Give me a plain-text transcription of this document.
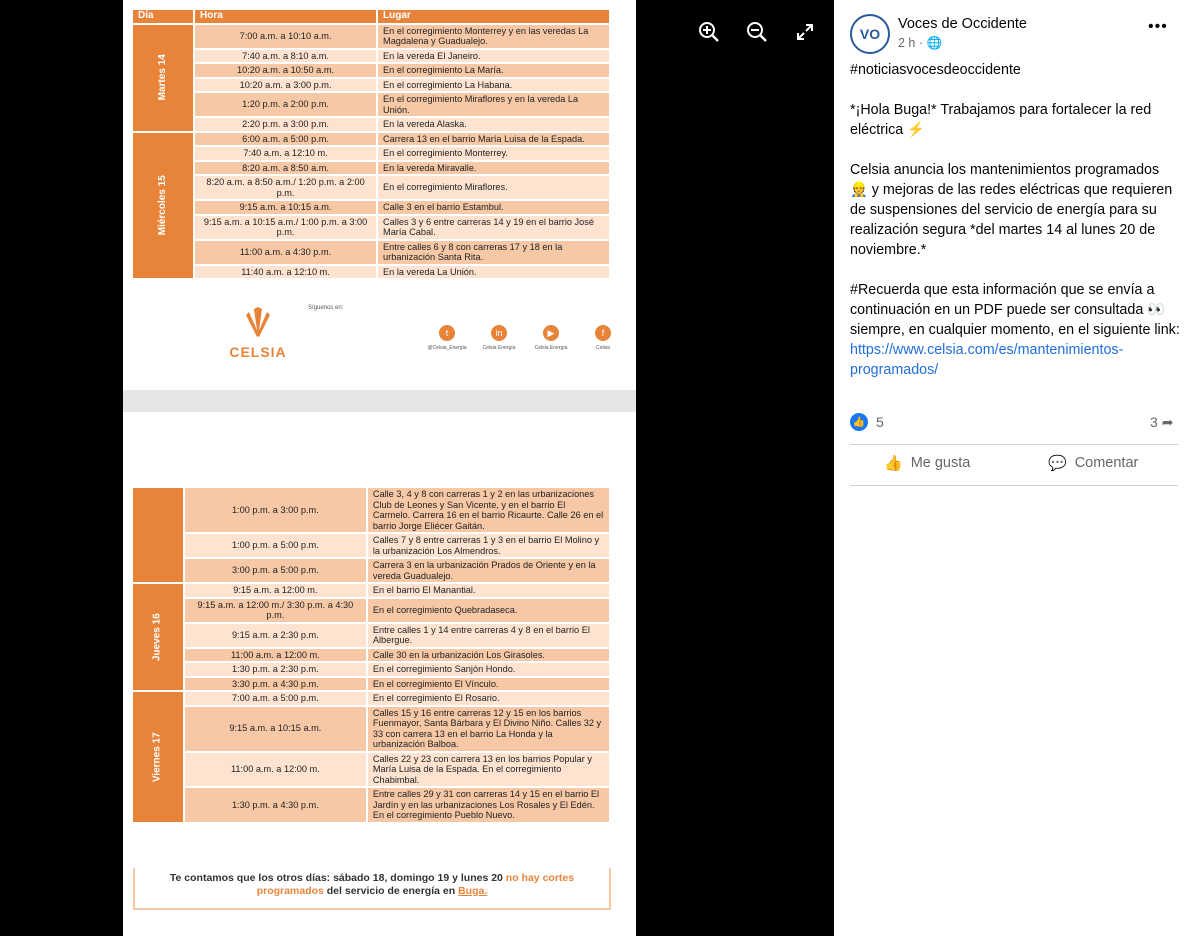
Día	Hora	Lugar

Martes 14	7:00 a.m. a 10:10 a.m.	En el corregimiento Monterrey y en las veredas La Magdalena y Guadualejo.
	7:40 a.m. a 8:10 a.m.	En la vereda El Janeiro.
	10:20 a.m. a 10:50 a.m.	En el corregimiento La María.
	10:20 a.m. a 3:00 p.m.	En el corregimiento La Habana.
	1:20 p.m. a 2:00 p.m.	En el corregimiento Miraflores y en la vereda La Unión.
	2:20 p.m. a 3:00 p.m.	En la vereda Alaska.

Miércoles 15	6:00 a.m. a 5:00 p.m.	Carrera 13 en el barrio María Luisa de la Espada.
	7:40 a.m. a 12:10 m.	En el corregimiento Monterrey.
	8:20 a.m. a 8:50 a.m.	En la vereda Miravalle.
	8:20 a.m. a 8:50 a.m./ 1:20 p.m. a 2:00 p.m.	En el corregimiento Miraflores.
	9:15 a.m. a 10:15 a.m.	Calle 3 en el barrio Estambul.
	9:15 a.m. a 10:15 a.m./ 1:00 p.m. a 3:00 p.m.	Calles 3 y 6 entre carreras 14 y 19 en el barrio José María Cabal.
	11:00 a.m. a 4:30 p.m.	Entre calles 6 y 8 con carreras 17 y 18 en la urbanización Santa Rita.
	11:40 a.m. a 12:10 m.	En la vereda La Unión.
CELSIA
Síguenos en:
t
@Celsia_Energia
in
Celsia Energía
▶
Celsia Energía
f
Celsia
	1:00 p.m. a 3:00 p.m.	Calle 3, 4 y 8 con carreras 1 y 2 en las urbanizaciones Club de Leones y San Vicente, y en el barrio El Carmelo. Carrera 16 en el barrio Ricaurte. Calle 26 en el barrio Jorge Eliécer Gaitán.
	1:00 p.m. a 5:00 p.m.	Calles 7 y 8 entre carreras 1 y 3 en el barrio El Molino y la urbanización Los Almendros.
	3:00 p.m. a 5:00 p.m.	Carrera 3 en la urbanización Prados de Oriente y en la vereda Guadualejo.

Jueves 16	9:15 a.m. a 12:00 m.	En el barrio El Manantial.
	9:15 a.m. a 12:00 m./ 3:30 p.m. a 4:30 p.m.	En el corregimiento Quebradaseca.
	9:15 a.m. a 2:30 p.m.	Entre calles 1 y 14 entre carreras 4 y 8 en el barrio El Albergue.
	11:00 a.m. a 12:00 m.	Calle 30 en la urbanización Los Girasoles.
	1:30 p.m. a 2:30 p.m.	En el corregimiento Sanjón Hondo.
	3:30 p.m. a 4:30 p.m.	En el corregimiento El Vínculo.

Viernes 17	7:00 a.m. a 5:00 p.m.	En el corregimiento El Rosario.
	9:15 a.m. a 10:15 a.m.	Calles 15 y 16 entre carreras 12 y 15 en los barrios Fuenmayor, Santa Bárbara y El Divino Niño. Calles 32 y 33 con carrera 13 en el barrio La Honda y la urbanización Balboa.
	11:00 a.m. a 12:00 m.	Calles 22 y 23 con carrera 13 en los barrios Popular y María Luisa de la Espada. En el corregimiento Chabimbal.
	1:30 p.m. a 4:30 p.m.	Entre calles 29 y 31 con carreras 14 y 15 en el barrio El Jardín y en las urbanizaciones Los Rosales y El Edén. En el corregimiento Pueblo Nuevo.
Te contamos que los otros días: sábado 18, domingo 19 y lunes 20 no hay cortes programados del servicio de energía en Buga.
VO
Voces de Occidente
2 h · 🌐
•••

#noticiasvocesdeoccidente

*¡Hola Buga!* Trabajamos para fortalecer la red eléctrica ⚡

Celsia anuncia los mantenimientos programados 👷 y mejoras de las redes eléctricas que requieren de suspensiones del servicio de energía para su realización segura *del martes 14 al lunes 20 de noviembre.*

#Recuerda que esta información que se envía a continuación en un PDF puede ser consultada 👀 siempre, en cualquier momento, en el siguiente link: https://www.celsia.com/es/mantenimientos-programados/

👍 5	3 ➦
👍 Me gusta	💬 Comentar
